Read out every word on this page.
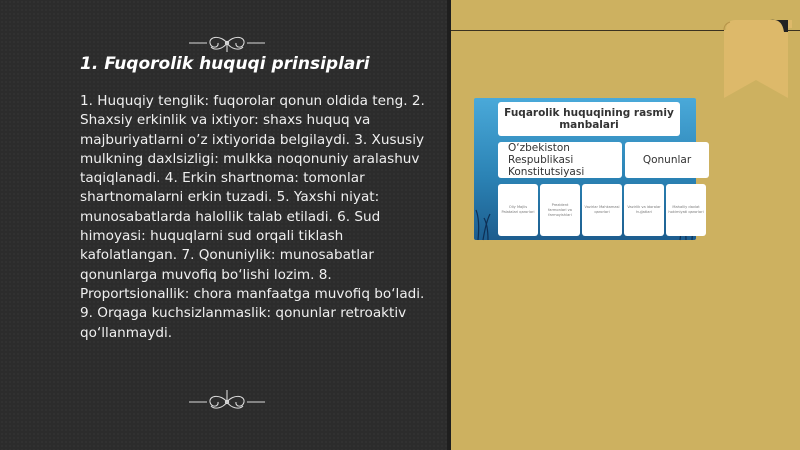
1. Fuqorolik huquqi prinsiplari

1. Huquqiy tenglik: fuqorolar qonun oldida teng. 2. Shaxsiy erkinlik va ixtiyor: shaxs huquq va majburiyatlarni o’z ixtiyorida belgilaydi. 3. Xususiy mulkning daxlsizligi: mulkka noqonuniy aralashuv taqiqlanadi. 4. Erkin shartnoma: tomonlar shartnomalarni erkin tuzadi. 5. Yaxshi niyat: munosabatlarda halollik talab etiladi. 6. Sud himoyasi: huquqlarni sud orqali tiklash kafolatlangan. 7. Qonuniylik: munosabatlar qonunlarga muvofiq bo‘lishi lozim. 8. Proportsionallik: chora manfaatga muvofiq bo‘ladi. 9. Orqaga kuchsizlanmaslik: qonunlar retroaktiv qo‘llanmaydi.

Fuqarolik huquqining rasmiy manbalari
O‘zbekiston Respublikasi Konstitutsiyasi
Qonunlar
Oliy Majlis Palatalari qarorlari
Prezident farmonlari va farmoyishlari
Vazirlar Mahkamasi qarorlari
Vazirlik va idoralar hujjatlari
Mahalliy davlat hokimiyati qarorlari
